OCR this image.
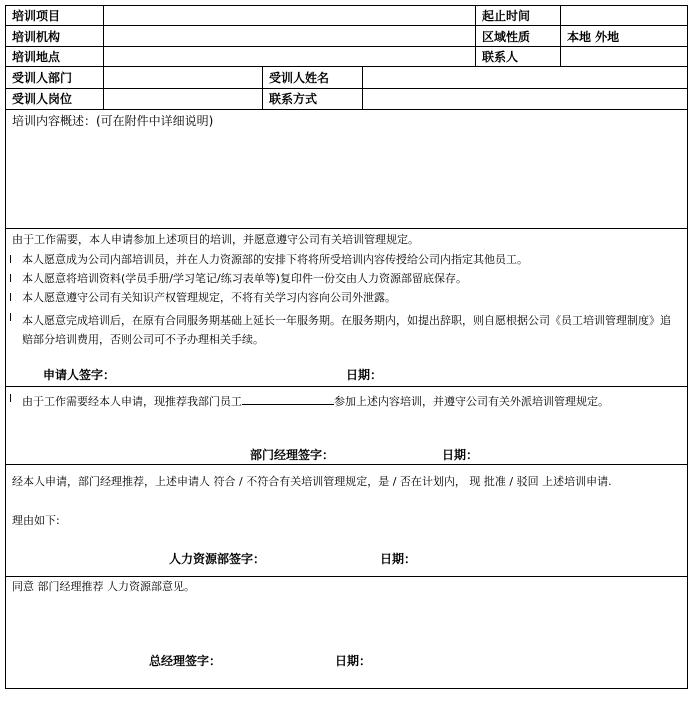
培训项目	起止时间
培训机构	区域性质	本地 外地
培训地点	联系人
受训人部门	受训人姓名
受训人岗位	联系方式
培训内容概述：(可在附件中详细说明)
由于工作需要，本人申请参加上述项目的培训，并愿意遵守公司有关培训管理规定。
l 本人愿意成为公司内部培训员，并在人力资源部的安排下将将所受培训内容传授给公司内指定其他员工。
l 本人愿意将培训资料(学员手册/学习笔记/练习表单等)复印件一份交由人力资源部留底保存。
l 本人愿意遵守公司有关知识产权管理规定，不将有关学习内容向公司外泄露。
l 本人愿意完成培训后，在原有合同服务期基础上延长一年服务期。在服务期内，如提出辞职，则自愿根据公司《员工培训管理制度》追赔部分培训费用，否则公司可不予办理相关手续。
申请人签字：	日期：
l 由于工作需要经本人申请，现推荐我部门员工	参加上述内容培训，并遵守公司有关外派培训管理规定。
部门经理签字：	日期：
经本人申请，部门经理推荐，上述申请人 符合 / 不符合有关培训管理规定，是 / 否在计划内， 现 批准 / 驳回 上述培训申请.
理由如下:
人力资源部签字：	日期：
同意 部门经理推荐 人力资源部意见。
总经理签字：	日期：
